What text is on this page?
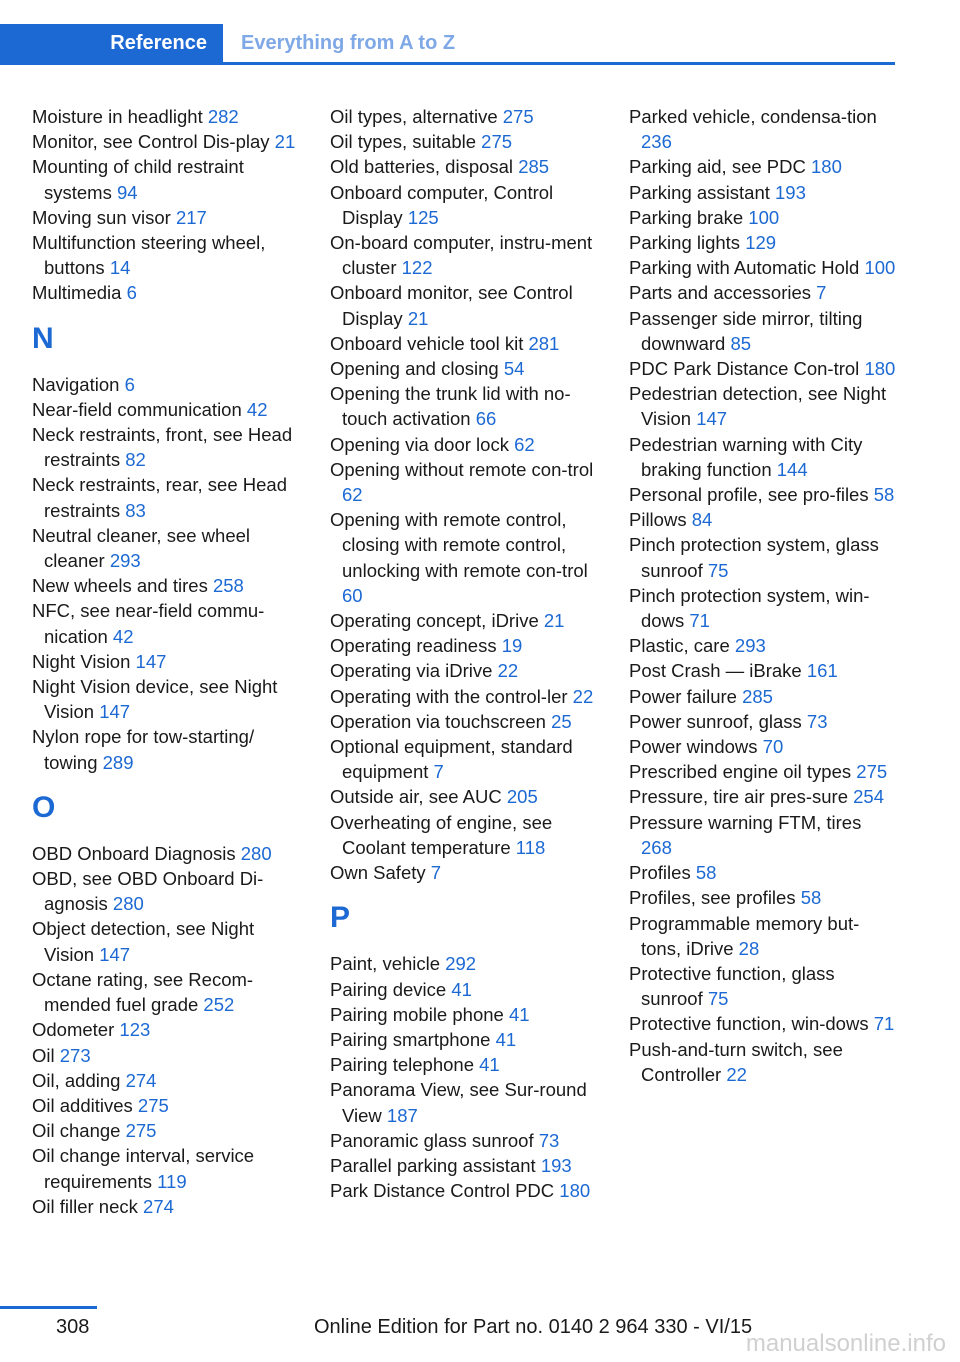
Reference	Everything from A to Z
Moisture in headlight 282
Monitor, see Control Dis-play 21
Mounting of child restraint systems 94
Moving sun visor 217
Multifunction steering wheel, buttons 14
Multimedia 6
N
Navigation 6
Near-field communication 42
Neck restraints, front, see Head restraints 82
Neck restraints, rear, see Head restraints 83
Neutral cleaner, see wheel cleaner 293
New wheels and tires 258
NFC, see near-field commu-nication 42
Night Vision 147
Night Vision device, see Night Vision 147
Nylon rope for tow-starting/ towing 289
O
OBD Onboard Diagnosis 280
OBD, see OBD Onboard Di-agnosis 280
Object detection, see Night Vision 147
Octane rating, see Recom-mended fuel grade 252
Odometer 123
Oil 273
Oil, adding 274
Oil additives 275
Oil change 275
Oil change interval, service requirements 119
Oil filler neck 274
Oil types, alternative 275
Oil types, suitable 275
Old batteries, disposal 285
Onboard computer, Control Display 125
On-board computer, instru-ment cluster 122
Onboard monitor, see Control Display 21
Onboard vehicle tool kit 281
Opening and closing 54
Opening the trunk lid with no-touch activation 66
Opening via door lock 62
Opening without remote con-trol 62
Opening with remote control, closing with remote control, unlocking with remote con-trol 60
Operating concept, iDrive 21
Operating readiness 19
Operating via iDrive 22
Operating with the control-ler 22
Operation via touchscreen 25
Optional equipment, standard equipment 7
Outside air, see AUC 205
Overheating of engine, see Coolant temperature 118
Own Safety 7
P
Paint, vehicle 292
Pairing device 41
Pairing mobile phone 41
Pairing smartphone 41
Pairing telephone 41
Panorama View, see Sur-round View 187
Panoramic glass sunroof 73
Parallel parking assistant 193
Park Distance Control PDC 180
Parked vehicle, condensa-tion 236
Parking aid, see PDC 180
Parking assistant 193
Parking brake 100
Parking lights 129
Parking with Automatic Hold 100
Parts and accessories 7
Passenger side mirror, tilting downward 85
PDC Park Distance Con-trol 180
Pedestrian detection, see Night Vision 147
Pedestrian warning with City braking function 144
Personal profile, see pro-files 58
Pillows 84
Pinch protection system, glass sunroof 75
Pinch protection system, win-dows 71
Plastic, care 293
Post Crash — iBrake 161
Power failure 285
Power sunroof, glass 73
Power windows 70
Prescribed engine oil types 275
Pressure, tire air pres-sure 254
Pressure warning FTM, tires 268
Profiles 58
Profiles, see profiles 58
Programmable memory but-tons, iDrive 28
Protective function, glass sunroof 75
Protective function, win-dows 71
Push-and-turn switch, see Controller 22
308	Online Edition for Part no. 0140 2 964 330 - VI/15
manualsonline.info
